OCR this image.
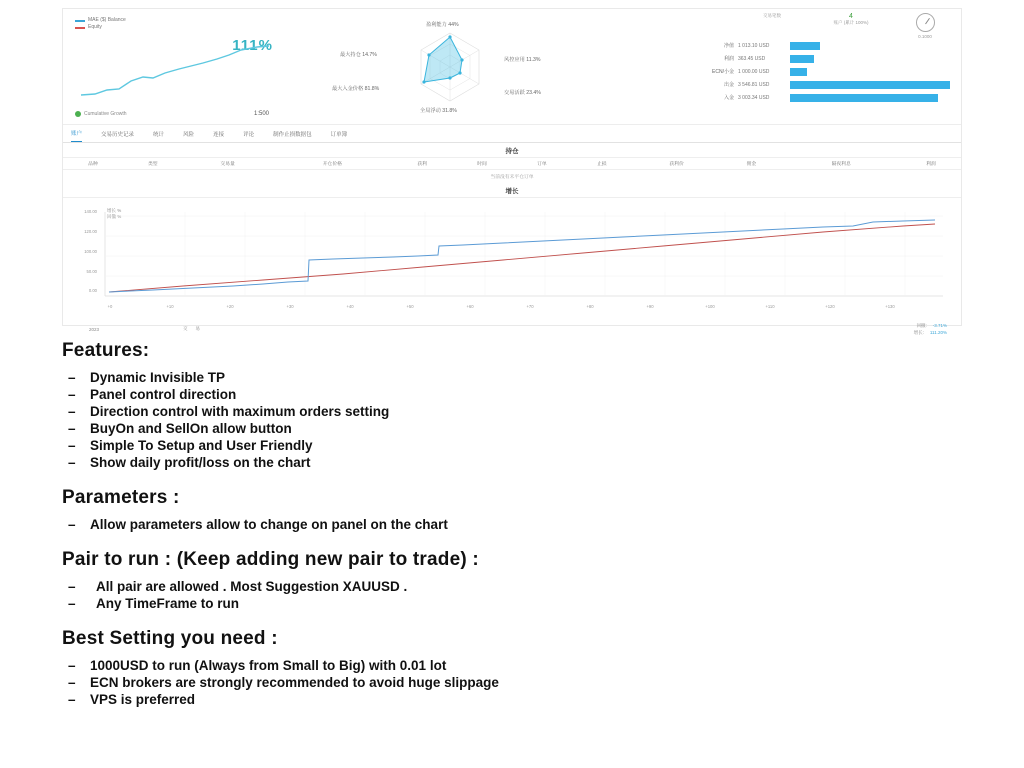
MAE ($) Balance
Equity
111%
Cumulative Growth	1:500
盈利能力 44%
最大持仓 14.7%
风控应用 11.3%
最大入金价格 81.8%
交易活跃 23.4%
全局浮动 31.8%
交易笔数	4
账户 (累计 100%)
0.1000
净值 1 013.10 USD
利润 363.45 USD
ECN/小金 1 000.00 USD
出金 3 546.81 USD
入金 3 003.34 USD
账户	交易历史记录	统计	风险	连接	评论	制作止损数据包	订单簿
持仓
品种	类型	交易量	开仓价格	获利	时间	订单	止损	获利价	佣金	隔夜利息	利润
当前没有未平仓订单
增长
增长 %
回撤 %
140.00
120.00
100.00
50.00
0.00
+0	+10	+20	+30	+40	+50	+60	+70	+80	+90	+100	+110	+120	+130
2023	交易
回撤: -3.71%
增长: 111.20%
Features:
– Dynamic Invisible TP
– Panel control direction
– Direction control with maximum orders setting
– BuyOn and SellOn allow button
– Simple To Setup and User Friendly
– Show daily profit/loss on the chart
Parameters :
– Allow parameters allow to change on panel on the chart
Pair to run : (Keep adding new pair to trade) :
– All pair are allowed . Most Suggestion XAUUSD .
– Any TimeFrame to run
Best Setting you need :
– 1000USD to run (Always from Small to Big) with 0.01 lot
– ECN brokers are strongly recommended to avoid huge slippage
– VPS is preferred
